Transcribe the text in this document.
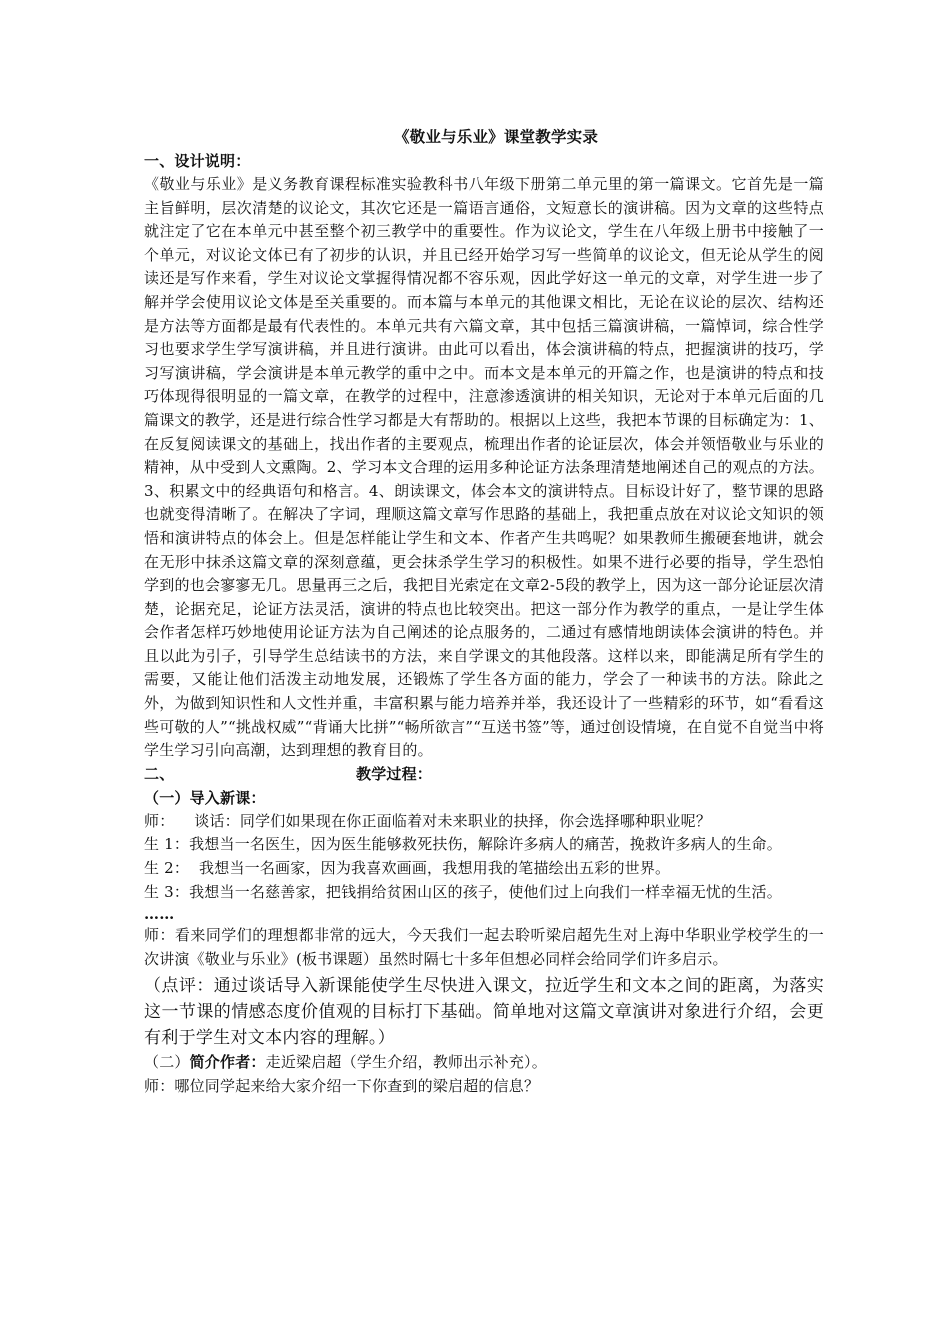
《敬业与乐业》课堂教学实录
一、设计说明：
《敬业与乐业》是义务教育课程标准实验教科书八年级下册第二单元里的第一篇课文。它首先是一篇主旨鲜明，层次清楚的议论文，其次它还是一篇语言通俗，文短意长的演讲稿。因为文章的这些特点就注定了它在本单元中甚至整个初三教学中的重要性。作为议论文，学生在八年级上册书中接触了一个单元，对议论文体已有了初步的认识，并且已经开始学习写一些简单的议论文，但无论从学生的阅读还是写作来看，学生对议论文掌握得情况都不容乐观，因此学好这一单元的文章，对学生进一步了解并学会使用议论文体是至关重要的。而本篇与本单元的其他课文相比，无论在议论的层次、结构还是方法等方面都是最有代表性的。本单元共有六篇文章，其中包括三篇演讲稿，一篇悼词，综合性学习也要求学生学写演讲稿，并且进行演讲。由此可以看出，体会演讲稿的特点，把握演讲的技巧，学习写演讲稿，学会演讲是本单元教学的重中之中。而本文是本单元的开篇之作，也是演讲的特点和技巧体现得很明显的一篇文章，在教学的过程中，注意渗透演讲的相关知识，无论对于本单元后面的几篇课文的教学，还是进行综合性学习都是大有帮助的。根据以上这些，我把本节课的目标确定为：1、在反复阅读课文的基础上，找出作者的主要观点，梳理出作者的论证层次，体会并领悟敬业与乐业的精神，从中受到人文熏陶。2、学习本文合理的运用多种论证方法条理清楚地阐述自己的观点的方法。3、积累文中的经典语句和格言。4、朗读课文，体会本文的演讲特点。目标设计好了，整节课的思路也就变得清晰了。在解决了字词，理顺这篇文章写作思路的基础上，我把重点放在对议论文知识的领悟和演讲特点的体会上。但是怎样能让学生和文本、作者产生共鸣呢？如果教师生搬硬套地讲，就会在无形中抹杀这篇文章的深刻意蕴，更会抹杀学生学习的积极性。如果不进行必要的指导，学生恐怕学到的也会寥寥无几。思量再三之后，我把目光索定在文章2-5段的教学上，因为这一部分论证层次清楚，论据充足，论证方法灵活，演讲的特点也比较突出。把这一部分作为教学的重点，一是让学生体会作者怎样巧妙地使用论证方法为自己阐述的论点服务的，二通过有感情地朗读体会演讲的特色。并且以此为引子，引导学生总结读书的方法，来自学课文的其他段落。这样以来，即能满足所有学生的需要，又能让他们活泼主动地发展，还锻炼了学生各方面的能力，学会了一种读书的方法。除此之外，为做到知识性和人文性并重，丰富积累与能力培养并举，我还设计了一些精彩的环节，如“看看这些可敬的人”“挑战权威”“背诵大比拼”“畅所欲言”“互送书签”等，通过创设情境，在自觉不自觉当中将学生学习引向高潮，达到理想的教育目的。
二、	教学过程：
（一）导入新课：
师：    谈话：同学们如果现在你正面临着对未来职业的抉择，你会选择哪种职业呢？
生 1：我想当一名医生，因为医生能够救死扶伤，解除许多病人的痛苦，挽救许多病人的生命。
生 2：  我想当一名画家，因为我喜欢画画，我想用我的笔描绘出五彩的世界。
生 3：我想当一名慈善家，把钱捐给贫困山区的孩子，使他们过上向我们一样幸福无忧的生活。
……
师：看来同学们的理想都非常的远大，今天我们一起去聆听梁启超先生对上海中华职业学校学生的一次讲演《敬业与乐业》(板书课题）虽然时隔七十多年但想必同样会给同学们许多启示。
（点评：通过谈话导入新课能使学生尽快进入课文，拉近学生和文本之间的距离，为落实这一节课的情感态度价值观的目标打下基础。简单地对这篇文章演讲对象进行介绍，会更有利于学生对文本内容的理解。）
（二）简介作者：走近梁启超（学生介绍，教师出示补充）。
师：哪位同学起来给大家介绍一下你查到的梁启超的信息？
